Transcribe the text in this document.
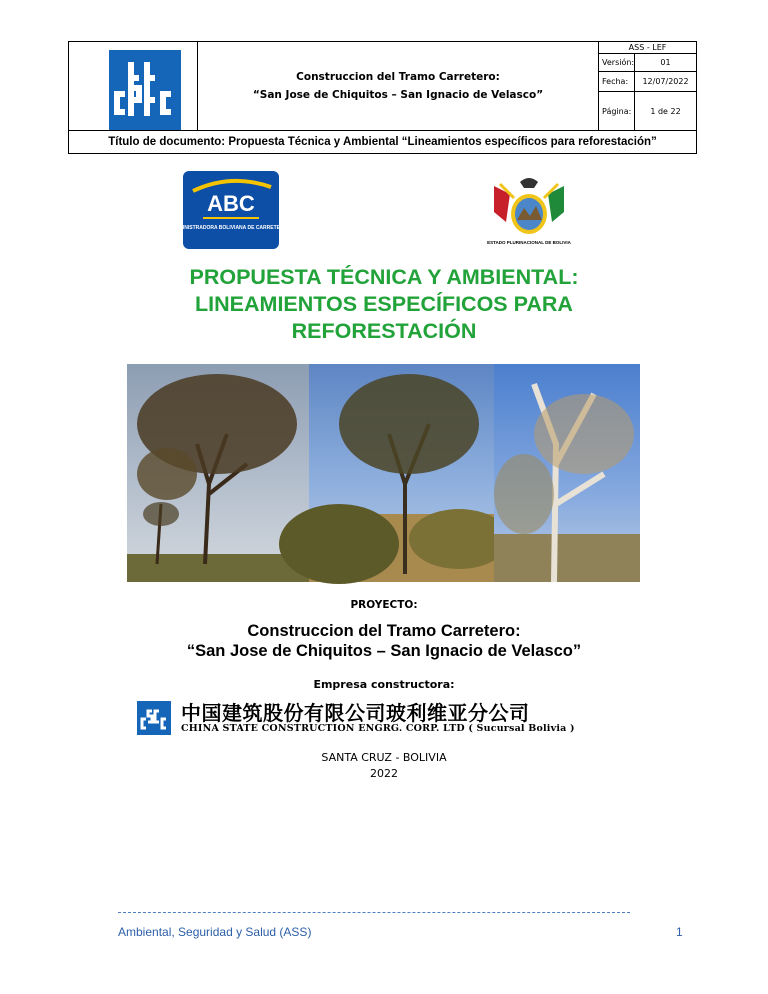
Construccion del Tramo Carretero:
“San Jose de Chiquitos – San Ignacio de Velasco”
ASS - LEF
Versión:	01
Fecha:	12/07/2022
Página:	1 de 22
Título de documento: Propuesta Técnica y Ambiental “Lineamientos específicos para reforestación”
ABC
ADMINISTRADORA BOLIVIANA DE CARRETERAS
ESTADO PLURINACIONAL DE BOLIVIA
PROPUESTA TÉCNICA Y AMBIENTAL:
LINEAMIENTOS ESPECÍFICOS PARA
REFORESTACIÓN
PROYECTO:
Construccion del Tramo Carretero:
“San Jose de Chiquitos – San Ignacio de Velasco”
Empresa constructora:
中国建筑股份有限公司玻利维亚分公司
CHINA STATE CONSTRUCTION ENGRG. CORP. LTD ( Sucursal Bolivia )
SANTA CRUZ - BOLIVIA
2022
Ambiental, Seguridad y Salud (ASS)	1
